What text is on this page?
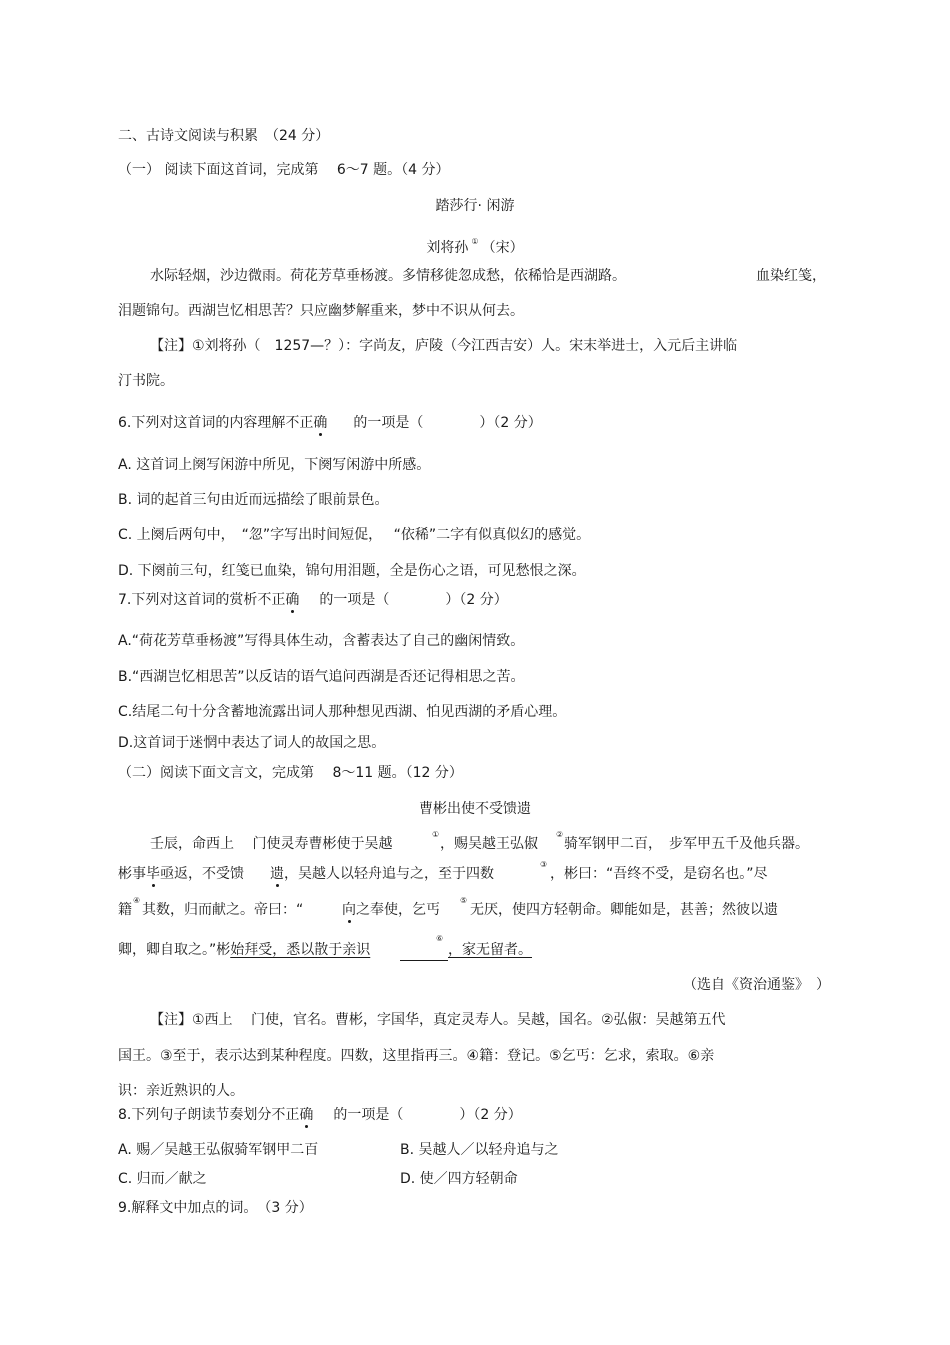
二、古诗文阅读与积累　（24 分）
（一） 阅读下面这首词，完成第　 6～7 题。（4 分）
踏莎行· 闲游
刘将孙 ① （宋）
水际轻烟，沙边微雨。荷花芳草垂杨渡。多情移徙忽成愁，依稀恰是西湖路。	血染红笺，
泪题锦句。西湖岂忆相思苦？只应幽梦解重来，梦中不识从何去。
【注】①刘将孙（　1257—？）：字尚友，庐陵（今江西吉安）人。宋末举进士，入元后主讲临
汀书院。
6.下列对这首词的内容理解不正确 的一项是（　　　　）（2 分）
A. 这首词上阕写闲游中所见，下阕写闲游中所感。
B. 词的起首三句由近而远描绘了眼前景色。
C. 上阕后两句中，　“忽”字写出时间短促，　 “依稀”二字有似真似幻的感觉。
D. 下阕前三句，红笺已血染，锦句用泪题，全是伤心之语，可见愁恨之深。
7.下列对这首词的赏析不正确 的一项是（　　　　）（2 分）
A.“荷花芳草垂杨渡”写得具体生动，含蓄表达了自己的幽闲情致。
B.“西湖岂忆相思苦”以反诘的语气追问西湖是否还记得相思之苦。
C.结尾二句十分含蓄地流露出词人那种想见西湖、怕见西湖的矛盾心理。
D.这首词于迷惘中表达了词人的故国之思。
（二）阅读下面文言文，完成第　 8～11 题。（12 分）
曹彬出使不受馈遗
壬辰，命西上　 门使灵寿曹彬使于吴越
①
，赐吴越王弘俶
②
骑军钢甲二百，　步军甲五千及他兵器。
彬事毕亟返，不受馈 遗，吴越人以轻舟追与之，至于四数
③
，彬曰：“吾终不受，是窃名也。”尽
籍
④
其数，归而献之。帝曰：“	向之奉使，乞丐
⑤
无厌，使四方轻朝命。卿能如是，甚善；然彼以遗
卿，卿自取之。”彬始拜受，悉以散于亲识
⑥
，家无留者。
（选自《资治通鉴》　）
【注】①西上　 门使，官名。曹彬，字国华，真定灵寿人。吴越，国名。②弘俶：吴越第五代
国王。③至于，表示达到某种程度。四数，这里指再三。④籍：登记。⑤乞丐：乞求，索取。⑥亲
识：亲近熟识的人。
8.下列句子朗读节奏划分不正确 的一项是（　　　　）（2 分）
A. 赐／吴越王弘俶骑军钢甲二百	B. 吴越人／以轻舟追与之
C. 归而／献之	D. 使／四方轻朝命
9.解释文中加点的词。　（3 分）
